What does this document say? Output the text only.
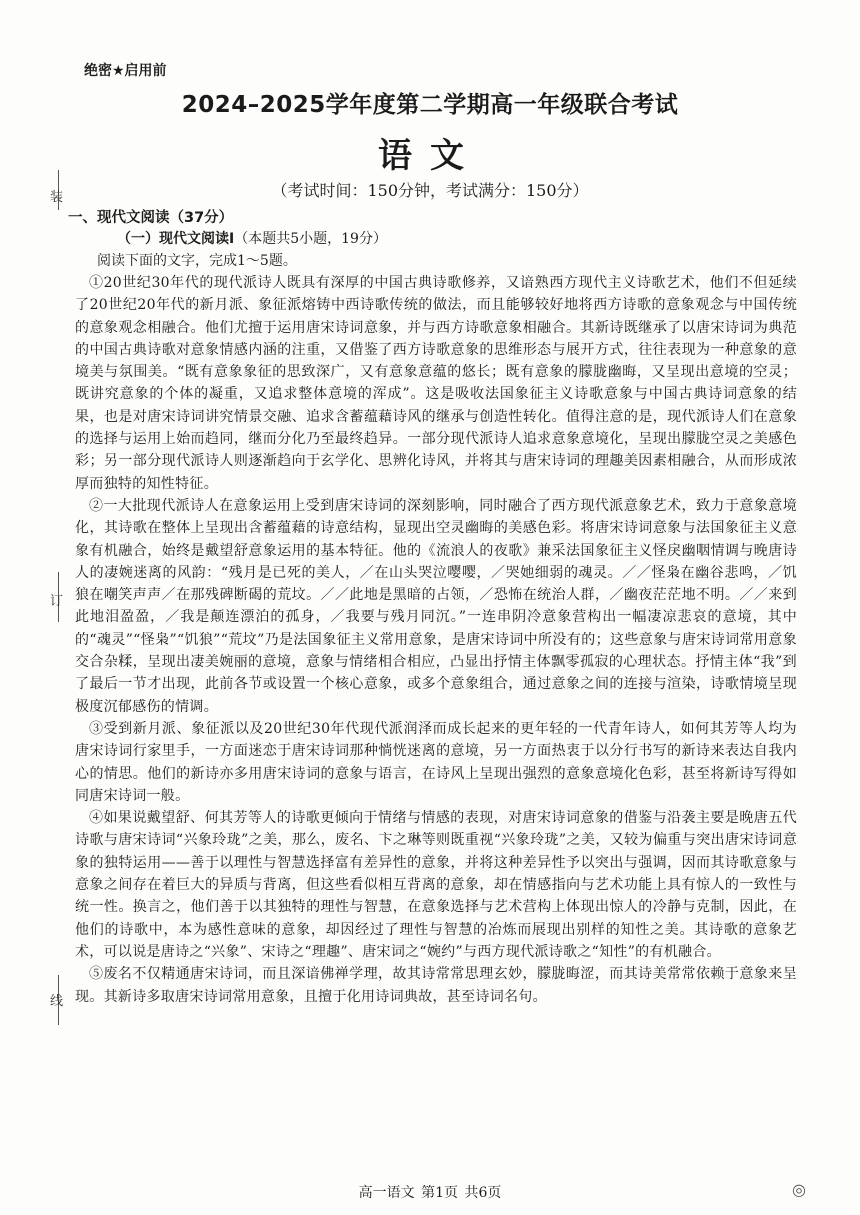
绝密★启用前
2024–2025学年度第二学期高一年级联合考试
语文
（考试时间：150分钟，考试满分：150分）
装
订
线
一、现代文阅读（37分）
（一）现代文阅读I（本题共5小题，19分）
阅读下面的文字，完成1～5题。

①20世纪30年代的现代派诗人既具有深厚的中国古典诗歌修养，又谙熟西方现代主义诗歌艺术，他们不但延续了20世纪20年代的新月派、象征派熔铸中西诗歌传统的做法，而且能够较好地将西方诗歌的意象观念与中国传统的意象观念相融合。他们尤擅于运用唐宋诗词意象，并与西方诗歌意象相融合。其新诗既继承了以唐宋诗词为典范的中国古典诗歌对意象情感内涵的注重，又借鉴了西方诗歌意象的思维形态与展开方式，往往表现为一种意象的意境美与氛围美。“既有意象象征的思致深广，又有意象意蕴的悠长；既有意象的朦胧幽晦，又呈现出意境的空灵；既讲究意象的个体的凝重，又追求整体意境的浑成”。这是吸收法国象征主义诗歌意象与中国古典诗词意象的结果，也是对唐宋诗词讲究情景交融、追求含蓄蕴藉诗风的继承与创造性转化。值得注意的是，现代派诗人们在意象的选择与运用上始而趋同，继而分化乃至最终趋异。一部分现代派诗人追求意象意境化，呈现出朦胧空灵之美感色彩；另一部分现代派诗人则逐渐趋向于玄学化、思辨化诗风，并将其与唐宋诗词的理趣美因素相融合，从而形成浓厚而独特的知性特征。

②一大批现代派诗人在意象运用上受到唐宋诗词的深刻影响，同时融合了西方现代派意象艺术，致力于意象意境化，其诗歌在整体上呈现出含蓄蕴藉的诗意结构，显现出空灵幽晦的美感色彩。将唐宋诗词意象与法国象征主义意象有机融合，始终是戴望舒意象运用的基本特征。他的《流浪人的夜歌》兼采法国象征主义怪戾幽咽情调与晚唐诗人的凄婉迷离的风韵：“残月是已死的美人，／在山头哭泣嘤嘤，／哭她细弱的魂灵。／／怪枭在幽谷悲鸣，／饥狼在嘲笑声声／在那残碑断碣的荒坟。／／此地是黑暗的占领，／恐怖在统治人群，／幽夜茫茫地不明。／／来到此地泪盈盈，／我是颠连漂泊的孤身，／我要与残月同沉。”一连串阴冷意象营构出一幅凄凉悲哀的意境，其中的“魂灵”“怪枭”“饥狼”“荒坟”乃是法国象征主义常用意象，是唐宋诗词中所没有的；这些意象与唐宋诗词常用意象交合杂糅，呈现出凄美婉丽的意境，意象与情绪相合相应，凸显出抒情主体飘零孤寂的心理状态。抒情主体“我”到了最后一节才出现，此前各节或设置一个核心意象，或多个意象组合，通过意象之间的连接与渲染，诗歌情境呈现极度沉郁感伤的情调。

③受到新月派、象征派以及20世纪30年代现代派润泽而成长起来的更年轻的一代青年诗人，如何其芳等人均为唐宋诗词行家里手，一方面迷恋于唐宋诗词那种惝恍迷离的意境，另一方面热衷于以分行书写的新诗来表达自我内心的情思。他们的新诗亦多用唐宋诗词的意象与语言，在诗风上呈现出强烈的意象意境化色彩，甚至将新诗写得如同唐宋诗词一般。

④如果说戴望舒、何其芳等人的诗歌更倾向于情绪与情感的表现，对唐宋诗词意象的借鉴与沿袭主要是晚唐五代诗歌与唐宋诗词“兴象玲珑”之美，那么，废名、卞之琳等则既重视“兴象玲珑”之美，又较为偏重与突出唐宋诗词意象的独特运用——善于以理性与智慧选择富有差异性的意象，并将这种差异性予以突出与强调，因而其诗歌意象与意象之间存在着巨大的异质与背离，但这些看似相互背离的意象，却在情感指向与艺术功能上具有惊人的一致性与统一性。换言之，他们善于以其独特的理性与智慧，在意象选择与艺术营构上体现出惊人的冷静与克制，因此，在他们的诗歌中，本为感性意味的意象，却因经过了理性与智慧的冶炼而展现出别样的知性之美。其诗歌的意象艺术，可以说是唐诗之“兴象”、宋诗之“理趣”、唐宋词之“婉约”与西方现代派诗歌之“知性”的有机融合。

⑤废名不仅精通唐宋诗词，而且深谙佛禅学理，故其诗常常思理玄妙，朦胧晦涩，而其诗美常常依赖于意象来呈现。其新诗多取唐宋诗词常用意象，且擅于化用诗词典故，甚至诗词名句。

高一语文 第1页 共6页	◎
